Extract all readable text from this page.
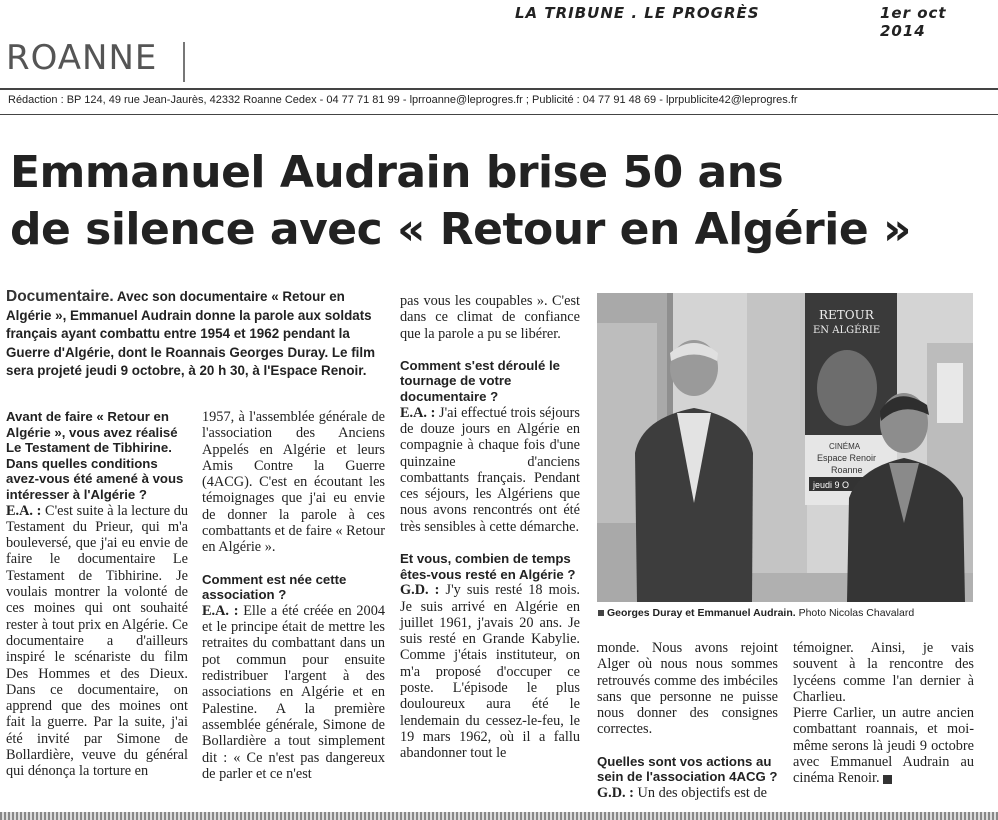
LA TRIBUNE . LE PROGRÈS	1er oct 2014
ROANNE
Rédaction : BP 124, 49 rue Jean-Jaurès, 42332 Roanne Cedex - 04 77 71 81 99 - lprroanne@leprogres.fr ; Publicité : 04 77 91 48 69 - lprpublicite42@leprogres.fr
Emmanuel Audrain brise 50 ans
de silence avec « Retour en Algérie »
Documentaire. Avec son documentaire « Retour en Algérie », Emmanuel Audrain donne la parole aux soldats français ayant combattu entre 1954 et 1962 pendant la Guerre d'Algérie, dont le Roannais Georges Duray. Le film sera projeté jeudi 9 octobre, à 20 h 30, à l'Espace Renoir.

Avant de faire « Retour en Algérie », vous avez réalisé Le Testament de Tibhirine. Dans quelles conditions avez-vous été amené à vous intéresser à l'Algérie ?

E.A. : C'est suite à la lecture du Testament du Prieur, qui m'a bouleversé, que j'ai eu envie de faire le documentaire Le Testament de Tibhirine. Je voulais montrer la volonté de ces moines qui ont souhaité rester à tout prix en Algérie. Ce documentaire a d'ailleurs inspiré le scénariste du film Des Hommes et des Dieux. Dans ce documentaire, on apprend que des moines ont fait la guerre. Par la suite, j'ai été invité par Simone de Bollardière, veuve du général qui dénonça la torture en

1957, à l'assemblée générale de l'association des Anciens Appelés en Algérie et leurs Amis Contre la Guerre (4ACG). C'est en écoutant les témoignages que j'ai eu envie de donner la parole à ces combattants et de faire « Retour en Algérie ».

Comment est née cette association ?

E.A. : Elle a été créée en 2004 et le principe était de mettre les retraites du combattant dans un pot commun pour ensuite redistribuer l'argent à des associations en Algérie et en Palestine. A la première assemblée générale, Simone de Bollardière a tout simplement dit : « Ce n'est pas dangereux de parler et ce n'est

pas vous les coupables ». C'est dans ce climat de confiance que la parole a pu se libérer.

Comment s'est déroulé le tournage de votre documentaire ?

E.A. : J'ai effectué trois séjours de douze jours en Algérie en compagnie à chaque fois d'une quinzaine d'anciens combattants français. Pendant ces séjours, les Algériens que nous avons rencontrés ont été très sensibles à cette démarche.

Et vous, combien de temps êtes-vous resté en Algérie ?

G.D. : J'y suis resté 18 mois. Je suis arrivé en Algérie en juillet 1961, j'avais 20 ans. Je suis resté en Grande Kabylie. Comme j'étais instituteur, on m'a proposé d'occuper ce poste. L'épisode le plus douloureux aura été le lendemain du cessez-le-feu, le 19 mars 1962, où il a fallu abandonner tout le

RETOUR
EN ALGÉRIE
CINÉMA
Espace Renoir
Roanne
jeudi 9 O
Georges Duray et Emmanuel Audrain. Photo Nicolas Chavalard

monde. Nous avons rejoint Alger où nous nous sommes retrouvés comme des imbéciles sans que personne ne puisse nous donner des consignes correctes.

Quelles sont vos actions au sein de l'association 4ACG ?

G.D. : Un des objectifs est de

témoigner. Ainsi, je vais souvent à la rencontre des lycéens comme l'an dernier à Charlieu.

Pierre Carlier, un autre ancien combattant roannais, et moi-même serons là jeudi 9 octobre avec Emmanuel Audrain au cinéma Renoir.
